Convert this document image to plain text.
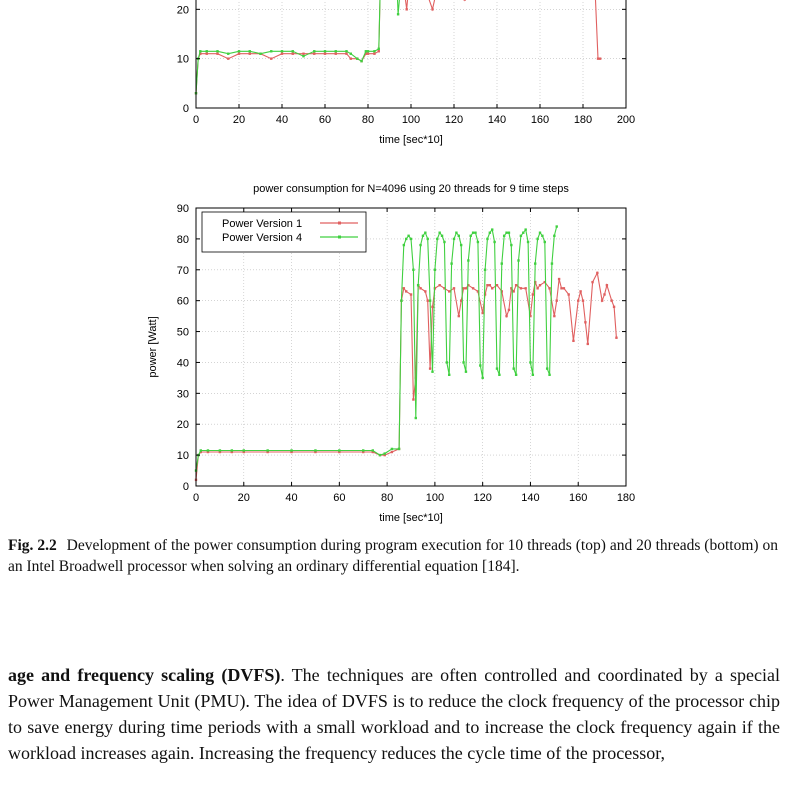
0	20	40	60	80	100 120 140 160 180 200
0
10
20
time [sec*10]
0	20	40	60	80	100	120	140	160	180
0
10
20
30
40
50
60
70
80
90
time [sec*10]
power [Watt]
power consumption for N=4096 using 20 threads for 9 time steps
Power Version 1
Power Version 4
Fig. 2.2 Development of the power consumption during program execution for 10 threads (top) and 20 threads (bottom) on an Intel Broadwell processor when solving an ordinary differential equation [184].
age and frequency scaling (DVFS). The techniques are often controlled and coordinated by a special Power Management Unit (PMU). The idea of DVFS is to reduce the clock frequency of the processor chip to save energy during time periods with a small workload and to increase the clock frequency again if the workload increases again. Increasing the frequency reduces the cycle time of the processor,
